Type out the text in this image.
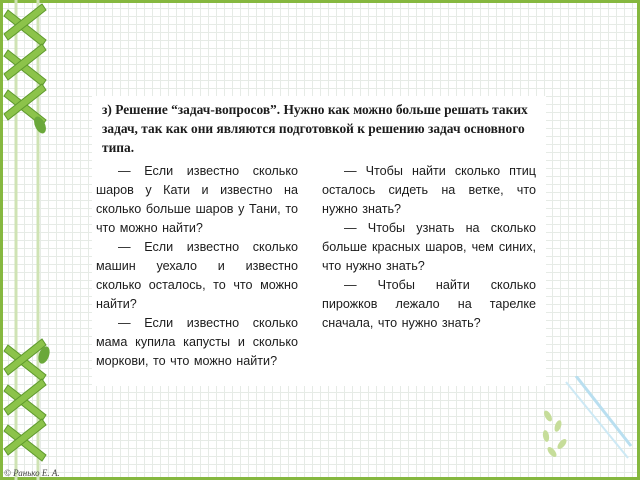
з) Решение “задач-вопросов”. Нужно как можно больше решать таких задач, так как они являются подготовкой к решению задач основного типа.

— Если известно сколько шаров у Кати и известно на сколько больше шаров у Тани, то что можно найти?

— Если известно сколько машин уехало и известно сколько осталось, то что можно найти?

— Если известно сколько мама купила капусты и сколько моркови, то что можно найти?

— Чтобы найти сколько птиц осталось сидеть на ветке, что нужно знать?

— Чтобы узнать на сколько больше красных шаров, чем синих, что нужно знать?

— Чтобы найти сколько пирожков лежало на тарелке сначала, что нужно знать?

© Ранько Е. А.
